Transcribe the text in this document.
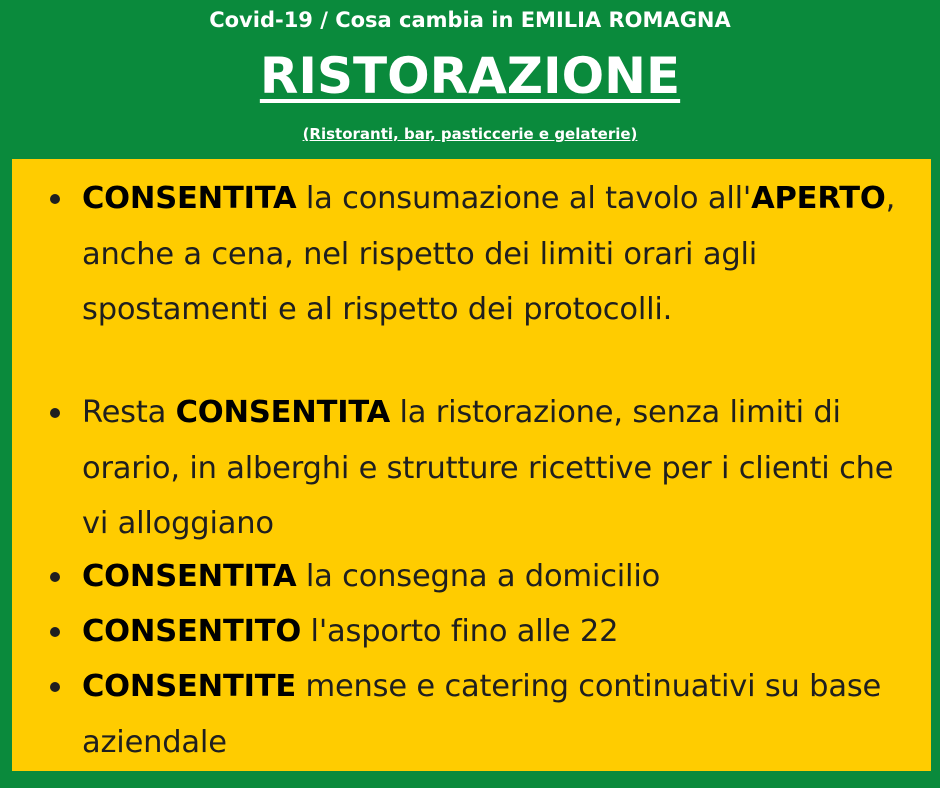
Covid-19 / Cosa cambia in EMILIA ROMAGNA
RISTORAZIONE
(Ristoranti, bar, pasticcerie e gelaterie)
CONSENTITA la consumazione al tavolo all'APERTO, anche a cena, nel rispetto dei limiti orari agli spostamenti e al rispetto dei protocolli.
Resta CONSENTITA la ristorazione, senza limiti di orario, in alberghi e strutture ricettive per i clienti che vi alloggiano
CONSENTITA la consegna a domicilio
CONSENTITO l'asporto fino alle 22
CONSENTITE mense e catering continuativi su base aziendale
